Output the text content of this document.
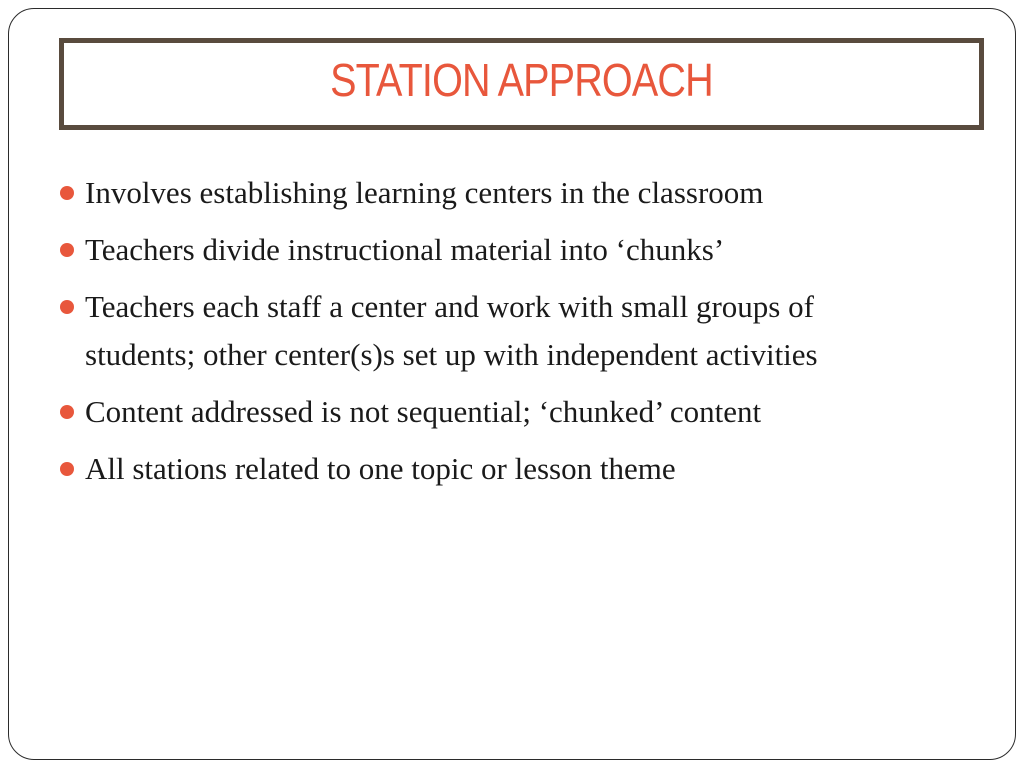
STATION APPROACH
Involves establishing learning centers in the classroom
Teachers divide instructional material into ‘chunks’
Teachers each staff a center and work with small groups of students; other center(s)s set up with independent activities
Content addressed is not sequential; ‘chunked’ content
All stations related to one topic or lesson theme
